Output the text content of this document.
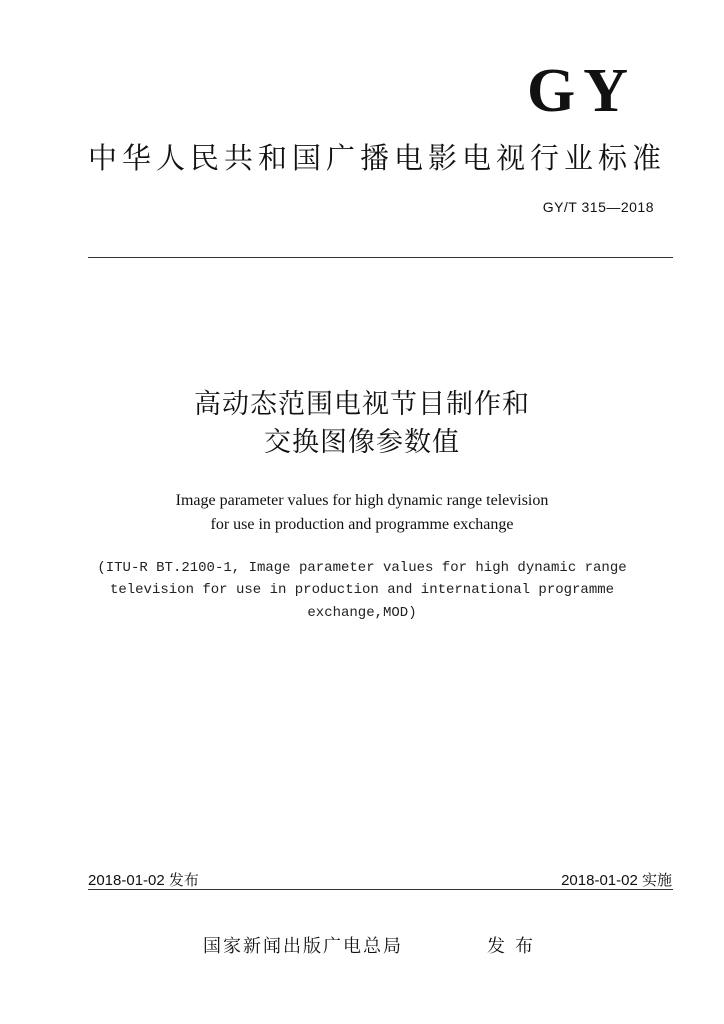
GY
中华人民共和国广播电影电视行业标准
GY/T 315—2018
高动态范围电视节目制作和
交换图像参数值
Image parameter values for high dynamic range television
for use in production and programme exchange
(ITU-R BT.2100-1, Image parameter values for high dynamic range
television for use in production and international programme
exchange,MOD)
2018-01-02 发布	2018-01-02 实施
国家新闻出版广电总局	发布
